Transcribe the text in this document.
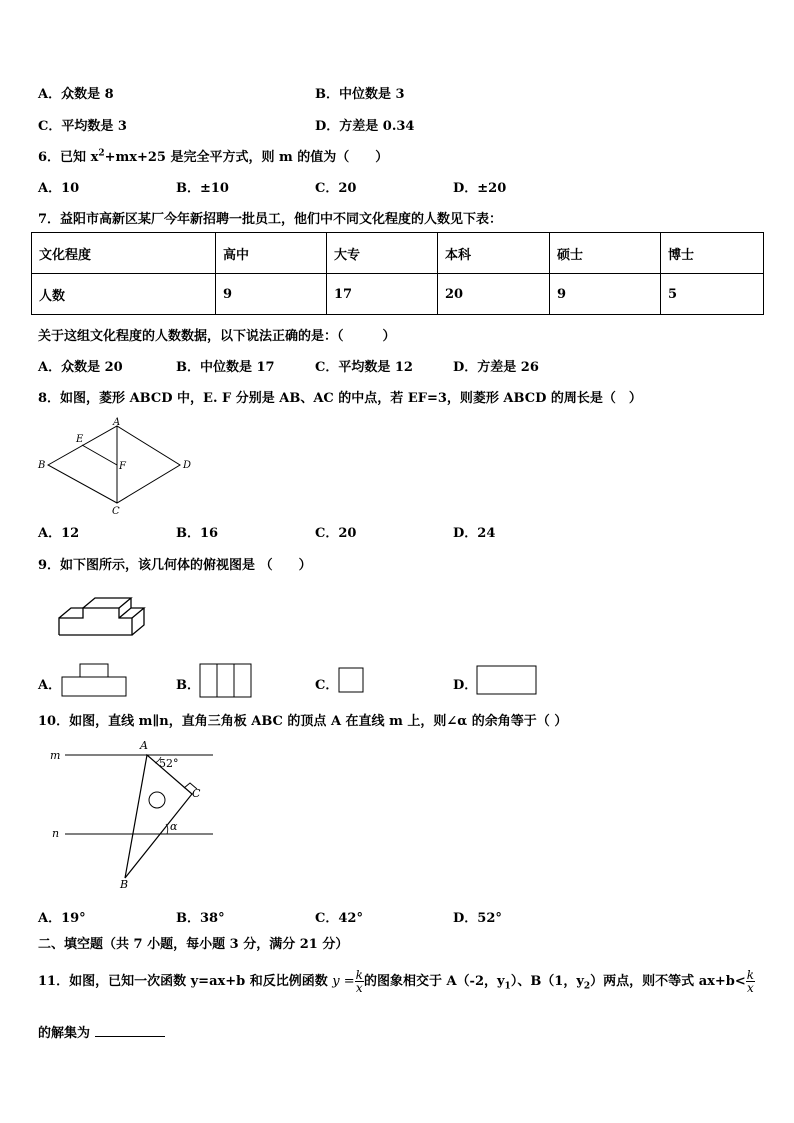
A．众数是 8	B．中位数是 3
C．平均数是 3	D．方差是 0.34
6．已知 $x^2+mx+25$ 是完全平方式，则 m 的值为（　　）
A．10	B．±10	C．20	D．±20
7．益阳市高新区某厂今年新招聘一批员工，他们中不同文化程度的人数见下表：
文化程度	高中	大专	本科	硕士	博士
人数	9	17	20	9	5
关于这组文化程度的人数数据，以下说法正确的是：（　　　）
A．众数是 20	B．中位数是 17	C．平均数是 12	D．方差是 26
8．如图，菱形 ABCD 中，E. F 分别是 AB、AC 的中点，若 EF=3，则菱形 ABCD 的周长是（　）
A
B
C
D
E
F
A．12	B．16	C．20	D．24
9．如下图所示，该几何体的俯视图是 （　　）
A．	B．	C．	D．
10．如图，直线 m∥n，直角三角板 ABC 的顶点 A 在直线 m 上，则∠α 的余角等于（ ）
m
n
A
B
C
52°
α
A．19°	B．38°	C．42°	D．52°
二、填空题（共 7 小题，每小题 3 分，满分 21 分）
11．如图，已知一次函数 y=ax+b 和反比例函数 $y = \frac{k}{x}$ 的图象相交于 A（-2，$y_1$）、B（1，$y_2$）两点，则不等式 $ax+b< \frac{k}{x}$
的解集为
